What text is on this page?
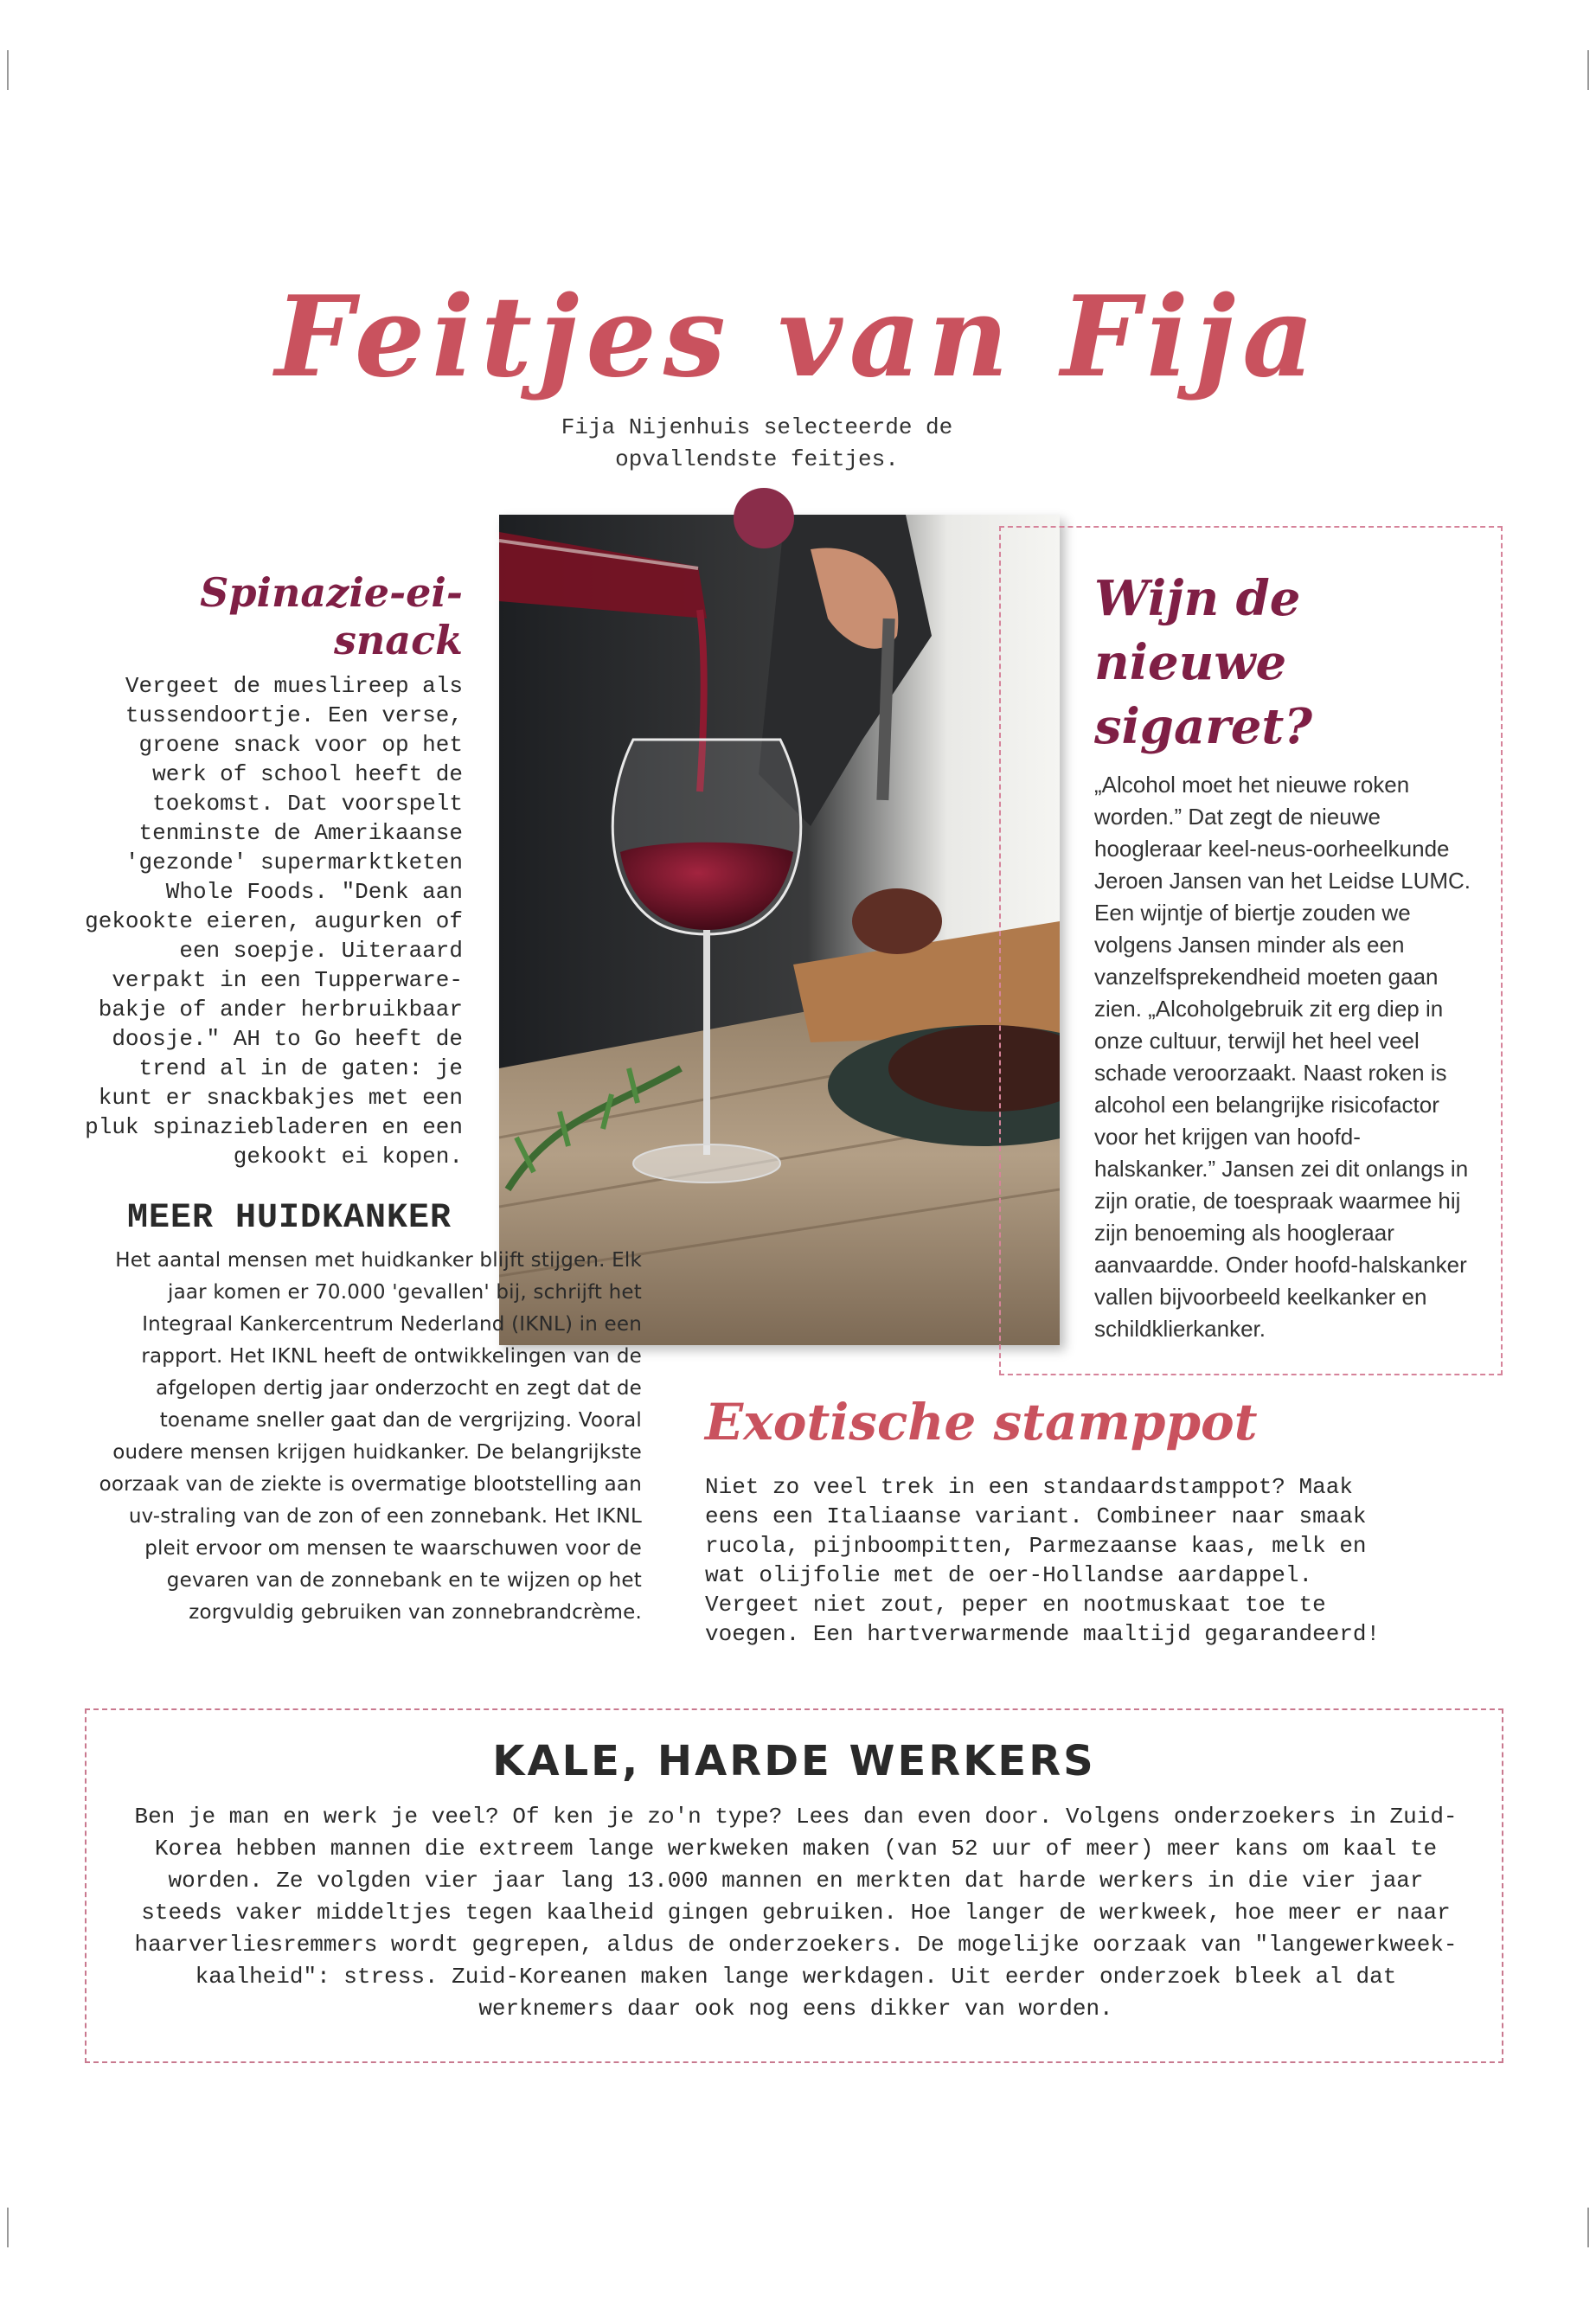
Feitjes van Fija
Fija Nijenhuis selecteerde de opvallendste feitjes.
Spinazie-ei-snack

Vergeet de mueslireep als tussendoortje. Een verse, groene snack voor op het werk of school heeft de toekomst. Dat voorspelt tenminste de Amerikaanse 'gezonde' supermarktketen Whole Foods. "Denk aan gekookte eieren, augurken of een soepje. Uiteraard verpakt in een Tupperware-bakje of ander herbruikbaar doosje." AH to Go heeft de trend al in de gaten: je kunt er snackbakjes met een pluk spinaziebladeren en een gekookt ei kopen.

MEER HUIDKANKER

Het aantal mensen met huidkanker blijft stijgen. Elk jaar komen er 70.000 'gevallen' bij, schrijft het Integraal Kankercentrum Nederland (IKNL) in een rapport. Het IKNL heeft de ontwikkelingen van de afgelopen dertig jaar onderzocht en zegt dat de toename sneller gaat dan de vergrijzing. Vooral oudere mensen krijgen huidkanker. De belangrijkste oorzaak van de ziekte is overmatige blootstelling aan uv-straling van de zon of een zonnebank. Het IKNL pleit ervoor om mensen te waarschuwen voor de gevaren van de zonnebank en te wijzen op het zorgvuldig gebruiken van zonnebrandcrème.

Wijn de nieuwe sigaret?

„Alcohol moet het nieuwe roken worden.” Dat zegt de nieuwe hoogleraar keel-neus-oorheelkunde Jeroen Jansen van het Leidse LUMC. Een wijntje of biertje zouden we volgens Jansen minder als een vanzelfsprekendheid moeten gaan zien. „Alcoholgebruik zit erg diep in onze cultuur, terwijl het heel veel schade veroorzaakt. Naast roken is alcohol een belangrijke risicofactor voor het krijgen van hoofd-halskanker.” Jansen zei dit onlangs in zijn oratie, de toespraak waarmee hij zijn benoeming als hoogleraar aanvaardde. Onder hoofd-halskanker vallen bijvoorbeeld keelkanker en schildklierkanker.

Exotische stamppot

Niet zo veel trek in een standaardstamppot? Maak eens een Italiaanse variant. Combineer naar smaak rucola, pijnboompitten, Parmezaanse kaas, melk en wat olijfolie met de oer-Hollandse aardappel. Vergeet niet zout, peper en nootmuskaat toe te voegen. Een hartverwarmende maaltijd gegarandeerd!

KALE, HARDE WERKERS

Ben je man en werk je veel? Of ken je zo'n type? Lees dan even door. Volgens onderzoekers in Zuid-Korea hebben mannen die extreem lange werkweken maken (van 52 uur of meer) meer kans om kaal te worden. Ze volgden vier jaar lang 13.000 mannen en merkten dat harde werkers in die vier jaar steeds vaker middeltjes tegen kaalheid gingen gebruiken. Hoe langer de werkweek, hoe meer er naar haarverliesremmers wordt gegrepen, aldus de onderzoekers. De mogelijke oorzaak van "langewerkweek-kaalheid": stress. Zuid-Koreanen maken lange werkdagen. Uit eerder onderzoek bleek al dat werknemers daar ook nog eens dikker van worden.
